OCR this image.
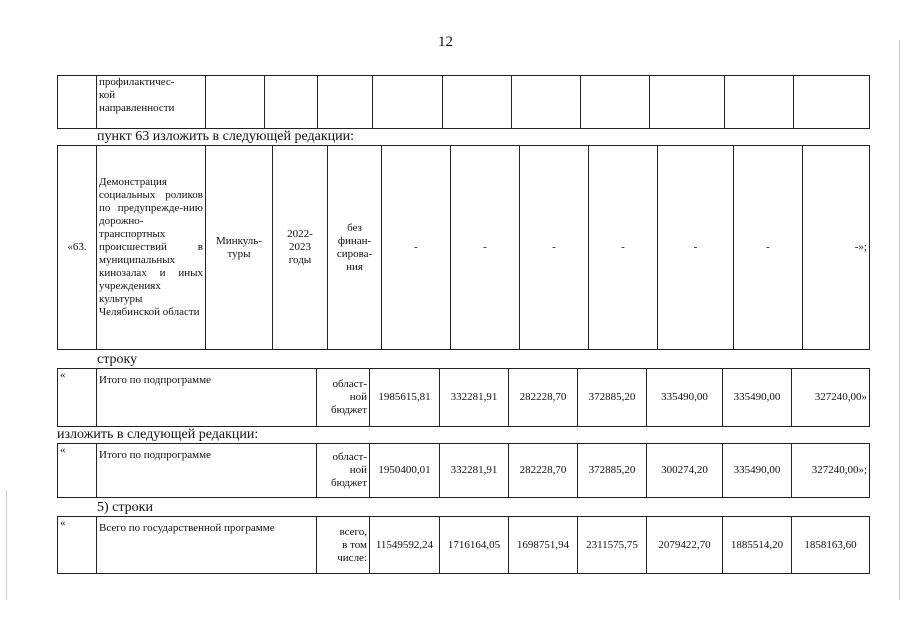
12
	профилактичес-
кой
направленности										
пункт 63 изложить в следующей редакции:
«63.	Демонстрация социальных роликов по предупрежде-нию дорожно-транспортных происшествий в муниципальных кинозалах и иных учреждениях культуры Челябинской области	Минкуль-
туры	2022-
2023
годы	без
финан-
сирова-
ния	-	-	-	-	-	-	-»;
строку
«	Итого по подпрограмме	област-
ной
бюджет	1985615,81	332281,91	282228,70	372885,20	335490,00	335490,00	327240,00»
изложить в следующей редакции:
«	Итого по подпрограмме	област-
ной
бюджет	1950400,01	332281,91	282228,70	372885,20	300274,20	335490,00	327240,00»;
5) строки
«	Всего по государственной программе	всего,
в том
числе:	11549592,24	1716164,05	1698751,94	2311575,75	2079422,70	1885514,20	1858163,60
